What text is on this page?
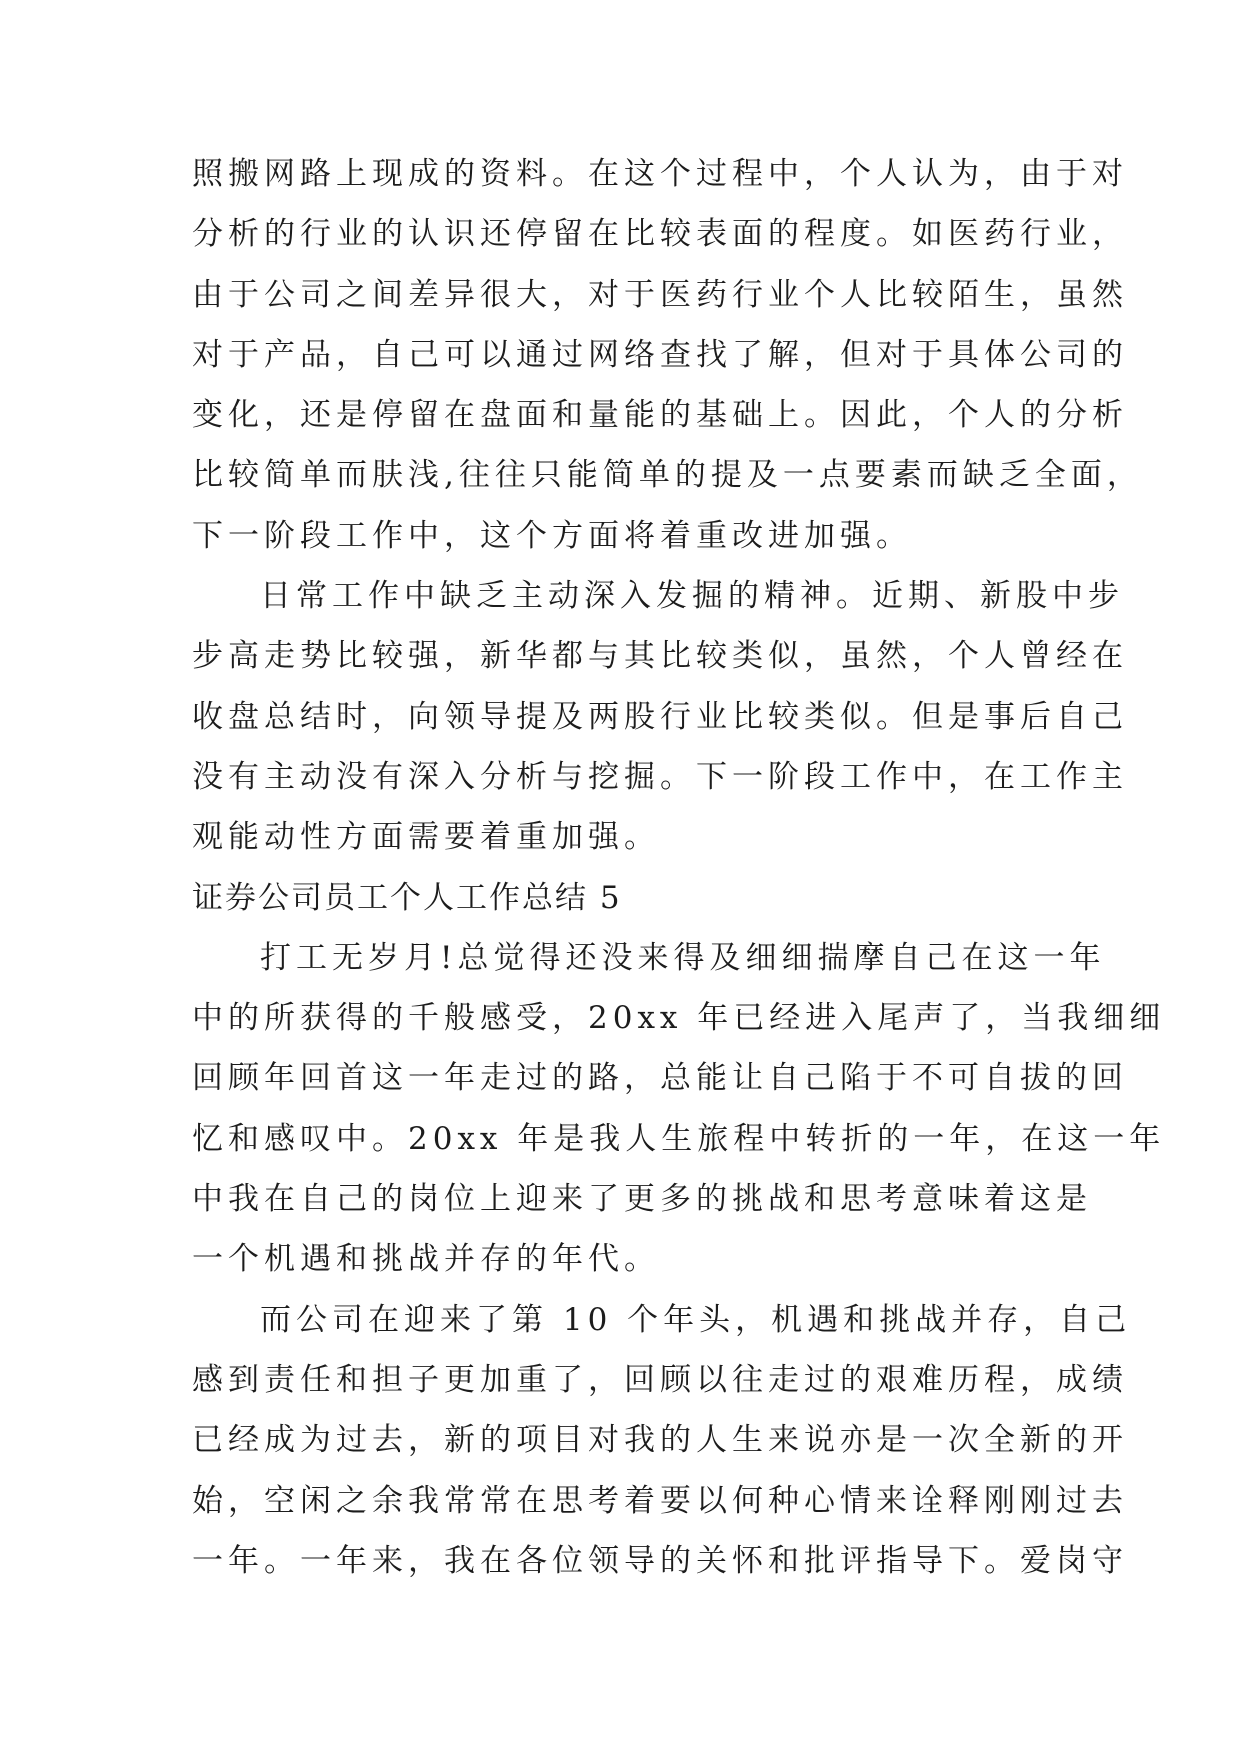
照搬网路上现成的资料。在这个过程中，个人认为，由于对
分析的行业的认识还停留在比较表面的程度。如医药行业，
由于公司之间差异很大，对于医药行业个人比较陌生，虽然
对于产品，自己可以通过网络查找了解，但对于具体公司的
变化，还是停留在盘面和量能的基础上。因此，个人的分析
比较简单而肤浅,往往只能简单的提及一点要素而缺乏全面，
下一阶段工作中，这个方面将着重改进加强。
日常工作中缺乏主动深入发掘的精神。近期、新股中步
步高走势比较强，新华都与其比较类似，虽然，个人曾经在
收盘总结时，向领导提及两股行业比较类似。但是事后自己
没有主动没有深入分析与挖掘。下一阶段工作中，在工作主
观能动性方面需要着重加强。
证券公司员工个人工作总结 5
打工无岁月!总觉得还没来得及细细揣摩自己在这一年
中的所获得的千般感受，20xx 年已经进入尾声了，当我细细
回顾年回首这一年走过的路，总能让自己陷于不可自拔的回
忆和感叹中。20xx 年是我人生旅程中转折的一年，在这一年
中我在自己的岗位上迎来了更多的挑战和思考意味着这是
一个机遇和挑战并存的年代。
而公司在迎来了第 10 个年头，机遇和挑战并存，自己
感到责任和担子更加重了，回顾以往走过的艰难历程，成绩
已经成为过去，新的项目对我的人生来说亦是一次全新的开
始，空闲之余我常常在思考着要以何种心情来诠释刚刚过去
一年。一年来，我在各位领导的关怀和批评指导下。爱岗守
